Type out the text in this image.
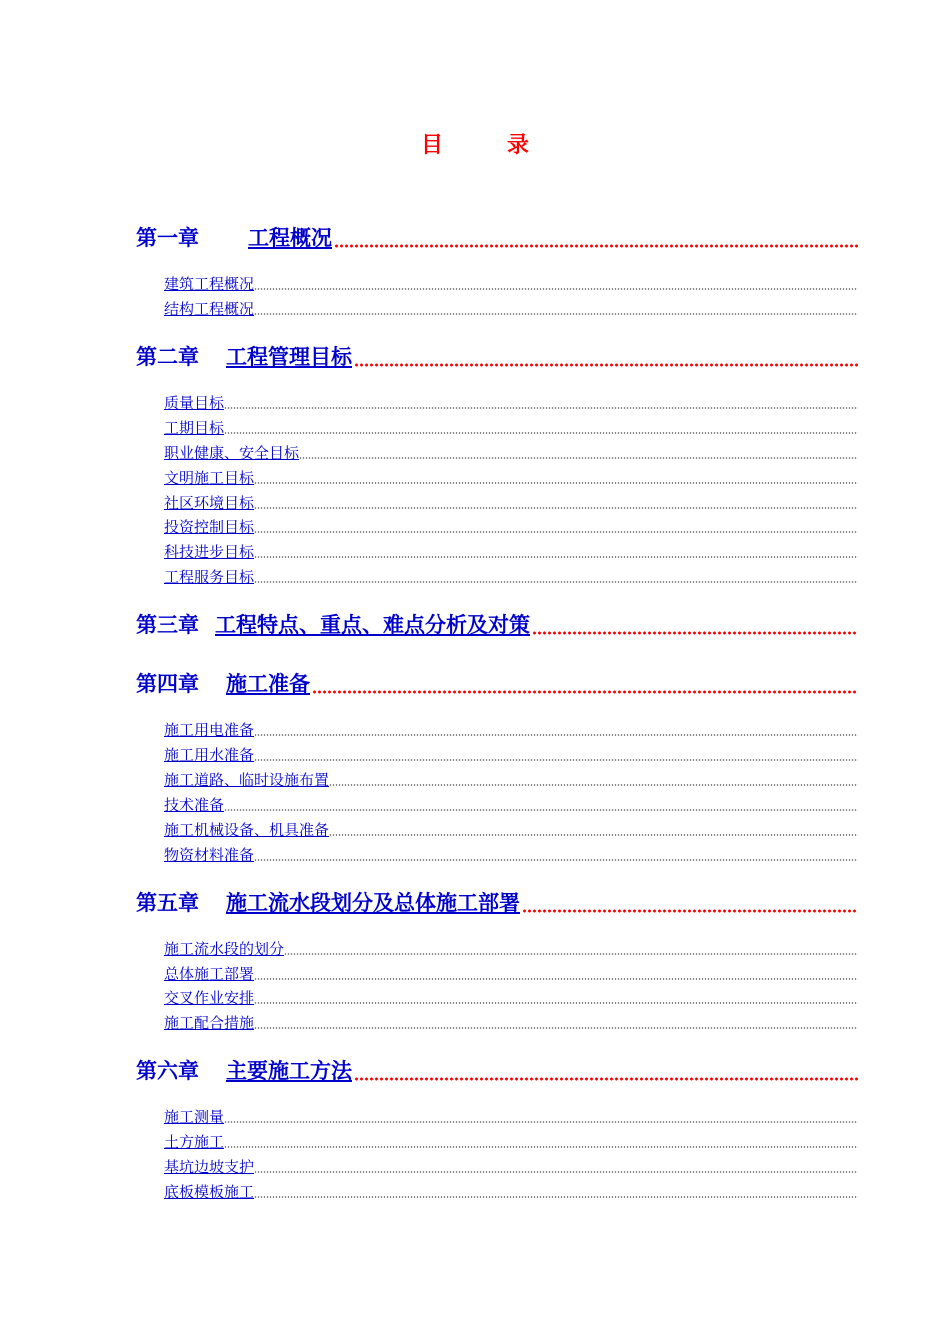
目	录
第一章 工程概况
建筑工程概况
结构工程概况
第二章 工程管理目标
质量目标
工期目标
职业健康、安全目标
文明施工目标
社区环境目标
投资控制目标
科技进步目标
工程服务目标
第三章 工程特点、重点、难点分析及对策
第四章 施工准备
施工用电准备
施工用水准备
施工道路、临时设施布置
技术准备
施工机械设备、机具准备
物资材料准备
第五章 施工流水段划分及总体施工部署
施工流水段的划分
总体施工部署
交叉作业安排
施工配合措施
第六章 主要施工方法
施工测量
土方施工
基坑边坡支护
底板模板施工
